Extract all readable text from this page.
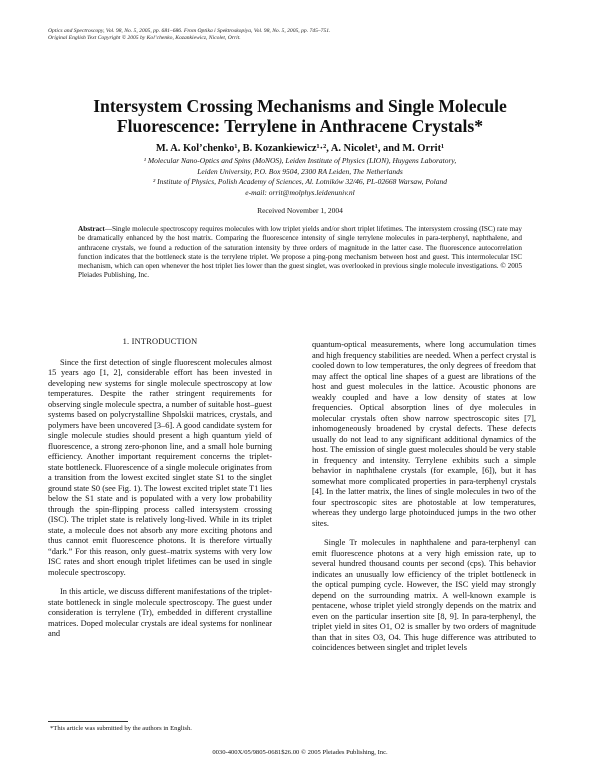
Optics and Spectroscopy, Vol. 98, No. 5, 2005, pp. 681–686. From Optika i Spektroskopiya, Vol. 98, No. 5, 2005, pp. 745–751.
Original English Text Copyright © 2005 by Kol’chenko, Kozankiewicz, Nicolet, Orrit.
Intersystem Crossing Mechanisms and Single Molecule
Fluorescence: Terrylene in Anthracene Crystals*
M. A. Kol’chenko¹, B. Kozankiewicz¹·², A. Nicolet¹, and M. Orrit¹
¹ Molecular Nano-Optics and Spins (MoNOS), Leiden Institute of Physics (LION), Huygens Laboratory,
Leiden University, P.O. Box 9504, 2300 RA Leiden, The Netherlands
² Institute of Physics, Polish Academy of Sciences, Al. Lotników 32/46, PL-02668 Warsaw, Poland
e-mail: orrit@molphys.leidenuniv.nl
Received November 1, 2004

Abstract—Single molecule spectroscopy requires molecules with low triplet yields and/or short triplet lifetimes. The intersystem crossing (ISC) rate may be dramatically enhanced by the host matrix. Comparing the fluorescence intensity of single terrylene molecules in para-terphenyl, naphthalene, and anthracene crystals, we found a reduction of the saturation intensity by three orders of magnitude in the latter case. The fluorescence autocorrelation function indicates that the bottleneck state is the terrylene triplet. We propose a ping-pong mechanism between host and guest. This intermolecular ISC mechanism, which can open whenever the host triplet lies lower than the guest singlet, was overlooked in previous single molecule investigations. © 2005 Pleiades Publishing, Inc.

1. INTRODUCTION

Since the first detection of single fluorescent molecules almost 15 years ago [1, 2], considerable effort has been invested in developing new systems for single molecule spectroscopy at low temperatures. Despite the rather stringent requirements for observing single molecule spectra, a number of suitable host–guest systems based on polycrystalline Shpolskii matrices, crystals, and polymers have been uncovered [3–6]. A good candidate system for single molecule studies should present a high quantum yield of fluorescence, a strong zero-phonon line, and a small hole burning efficiency. Another important requirement concerns the triplet-state bottleneck. Fluorescence of a single molecule originates from a transition from the lowest excited singlet state S1 to the singlet ground state S0 (see Fig. 1). The lowest excited triplet state T1 lies below the S1 state and is populated with a very low probability through the spin-flipping process called intersystem crossing (ISC). The triplet state is relatively long-lived. While in its triplet state, a molecule does not absorb any more exciting photons and thus cannot emit fluorescence photons. It is therefore virtually “dark.” For this reason, only guest–matrix systems with very low ISC rates and short enough triplet lifetimes can be used in single molecule spectroscopy.

In this article, we discuss different manifestations of the triplet-state bottleneck in single molecule spectroscopy. The guest under consideration is terrylene (Tr), embedded in different crystalline matrices. Doped molecular crystals are ideal systems for nonlinear and

quantum-optical measurements, where long accumulation times and high frequency stabilities are needed. When a perfect crystal is cooled down to low temperatures, the only degrees of freedom that may affect the optical line shapes of a guest are librations of the host and guest molecules in the lattice. Acoustic phonons are weakly coupled and have a low density of states at low frequencies. Optical absorption lines of dye molecules in molecular crystals often show narrow spectroscopic sites [7], inhomogeneously broadened by crystal defects. These defects usually do not lead to any significant additional dynamics of the host. The emission of single guest molecules should be very stable in frequency and intensity. Terrylene exhibits such a simple behavior in naphthalene crystals (for example, [6]), but it has somewhat more complicated properties in para-terphenyl crystals [4]. In the latter matrix, the lines of single molecules in two of the four spectroscopic sites are photostable at low temperatures, whereas they undergo large photoinduced jumps in the two other sites.

Single Tr molecules in naphthalene and para-terphenyl can emit fluorescence photons at a very high emission rate, up to several hundred thousand counts per second (cps). This behavior indicates an unusually low efficiency of the triplet bottleneck in the optical pumping cycle. However, the ISC yield may strongly depend on the surrounding matrix. A well-known example is pentacene, whose triplet yield strongly depends on the matrix and even on the particular insertion site [8, 9]. In para-terphenyl, the triplet yield in sites O1, O2 is smaller by two orders of magnitude than that in sites O3, O4. This huge difference was attributed to coincidences between singlet and triplet levels

*This article was submitted by the authors in English.
0030-400X/05/9805-0681$26.00 © 2005 Pleiades Publishing, Inc.
